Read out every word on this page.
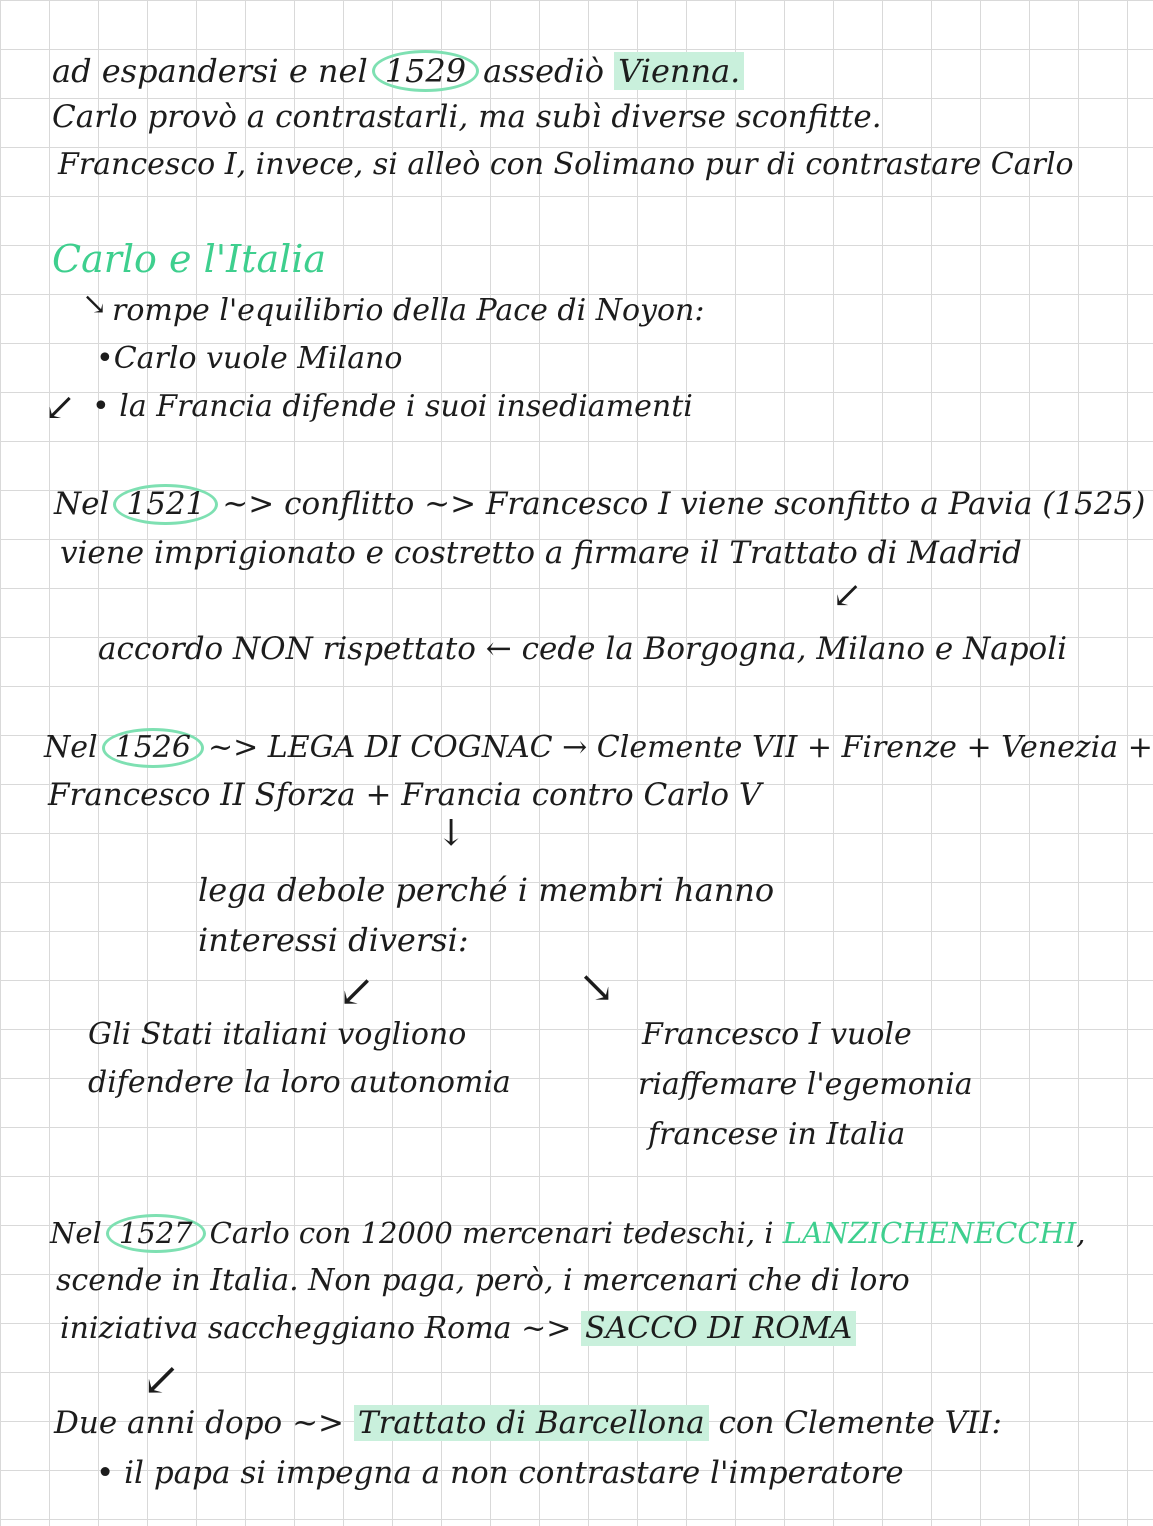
ad espandersi e nel 1529 assediò Vienna.
Carlo provò a contrastarli, ma subì diverse sconfitte.
Francesco I, invece, si alleò con Solimano pur di contrastare Carlo
Carlo e l'Italia
↘ rompe l'equilibrio della Pace di Noyon:
•Carlo vuole Milano
↙ • la Francia difende i suoi insediamenti
Nel 1521 ~> conflitto ~> Francesco I viene sconfitto a Pavia (1525)
viene imprigionato e costretto a firmare il Trattato di Madrid
↙
accordo NON rispettato ← cede la Borgogna, Milano e Napoli
Nel 1526 ~> LEGA DI COGNAC → Clemente VII + Firenze + Venezia +
Francesco II Sforza + Francia contro Carlo V
↓
lega debole perché i membri hanno
interessi diversi:
↙	↘
Gli Stati italiani vogliono
difendere la loro autonomia
Francesco I vuole
riaffemare l'egemonia
francese in Italia
Nel 1527 Carlo con 12000 mercenari tedeschi, i LANZICHENECCHI,
scende in Italia. Non paga, però, i mercenari che di loro
iniziativa saccheggiano Roma ~> SACCO DI ROMA
↙
Due anni dopo ~> Trattato di Barcellona con Clemente VII:
• il papa si impegna a non contrastare l'imperatore
